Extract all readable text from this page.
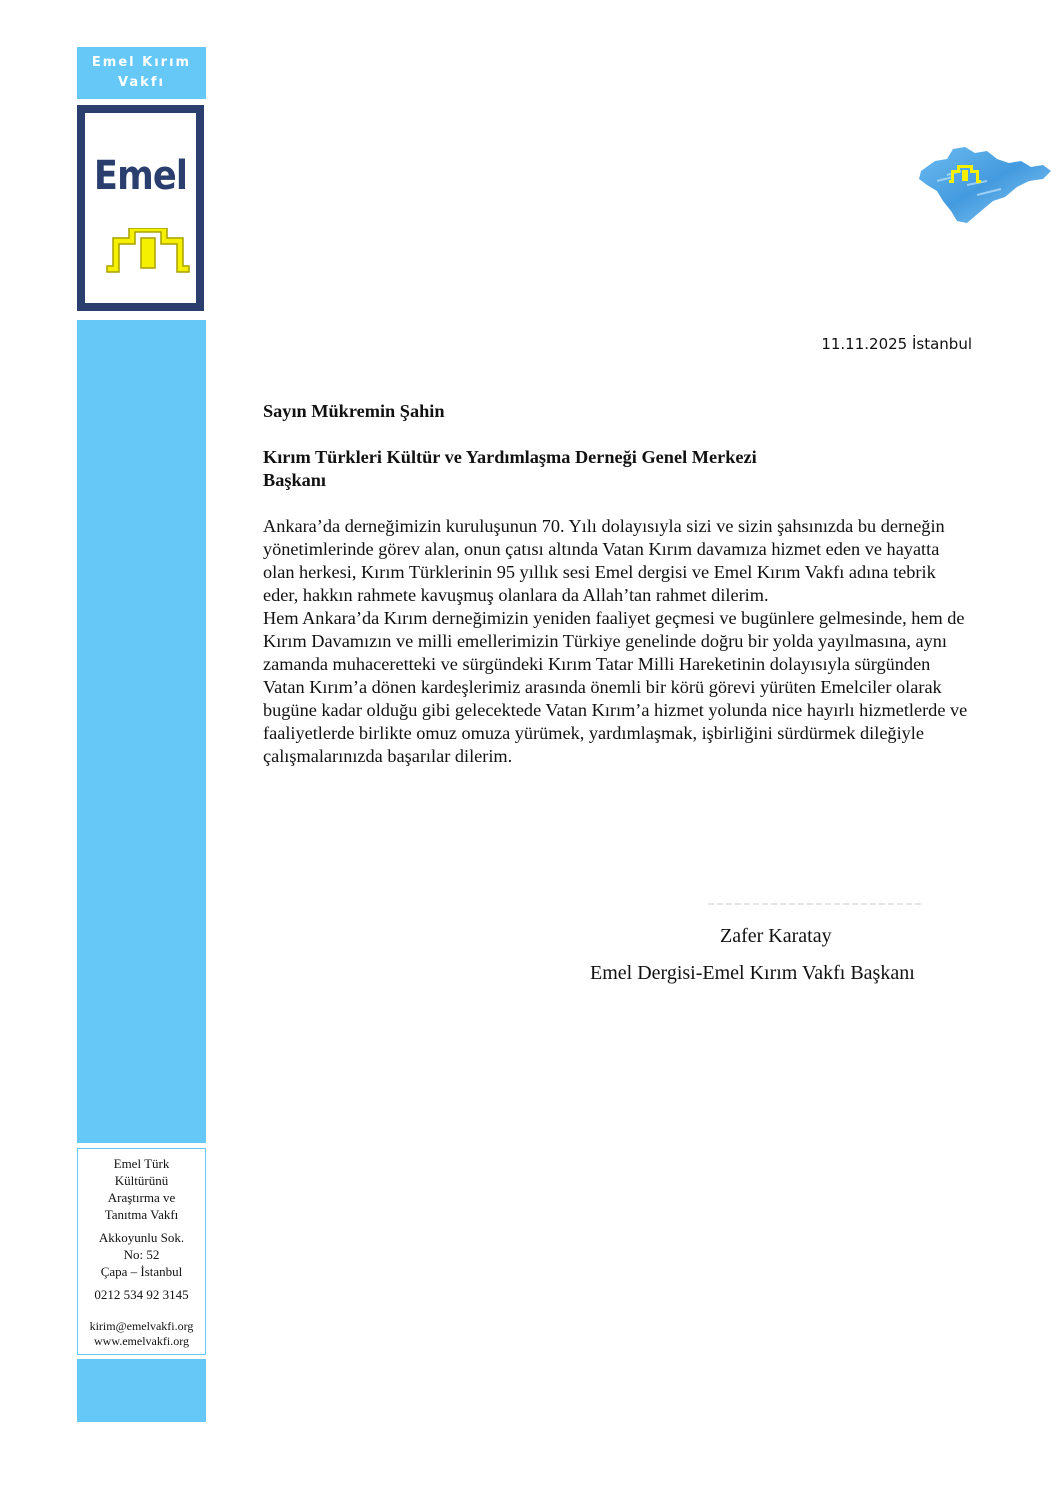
Emel Kırım Vakfı
Emel
Emel Türk
Kültürünü
Araştırma ve
Tanıtma Vakfı
Akkoyunlu Sok.
No: 52
Çapa – İstanbul
0212 534 92 3145
kirim@emelvakfi.org
www.emelvakfi.org
11.11.2025 İstanbul

Sayın Mükremin Şahin

Kırım Türkleri Kültür ve Yardımlaşma Derneği Genel Merkezi
Başkanı

Ankara’da derneğimizin kuruluşunun 70. Yılı dolayısıyla sizi ve sizin şahsınızda bu derneğin yönetimlerinde görev alan, onun çatısı altında Vatan Kırım davamıza hizmet eden ve hayatta olan herkesi, Kırım Türklerinin 95 yıllık sesi Emel dergisi ve Emel Kırım Vakfı adına tebrik eder, hakkın rahmete kavuşmuş olanlara da Allah’tan rahmet dilerim.

Hem Ankara’da Kırım derneğimizin yeniden faaliyet geçmesi ve bugünlere gelmesinde, hem de Kırım Davamızın ve milli emellerimizin Türkiye genelinde doğru bir yolda yayılmasına, aynı zamanda muhaceretteki ve sürgündeki Kırım Tatar Milli Hareketinin dolayısıyla sürgünden Vatan Kırım’a dönen kardeşlerimiz arasında önemli bir körü görevi yürüten Emelciler olarak bugüne kadar olduğu gibi gelecektede Vatan Kırım’a hizmet yolunda nice hayırlı hizmetlerde ve faaliyetlerde birlikte omuz omuza yürümek, yardımlaşmak, işbirliğini sürdürmek dileğiyle çalışmalarınızda başarılar dilerim.

Zafer Karatay
Emel Dergisi-Emel Kırım Vakfı Başkanı
